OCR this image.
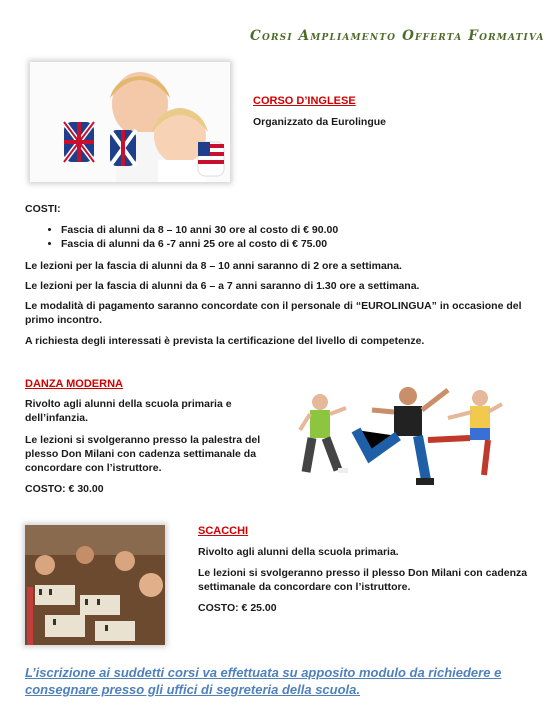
Corsi Ampliamento Offerta Formativa
CORSO D’INGLESE
Organizzato da Eurolingue
COSTI:
• Fascia di alunni da 8 – 10 anni 30 ore al costo di € 90.00
• Fascia di alunni da 6 -7 anni 25 ore al costo di € 75.00
Le lezioni per la fascia di alunni da 8 – 10 anni saranno di 2 ore a settimana.
Le lezioni per la fascia di alunni da 6 – a 7 anni saranno di 1.30 ore a settimana.
Le modalità di pagamento saranno concordate con il personale di “EUROLINGUA” in occasione del primo incontro.
A richiesta degli interessati è prevista la certificazione del livello di competenze.
DANZA MODERNA
Rivolto agli alunni della scuola primaria e dell’infanzia.
Le lezioni si svolgeranno presso la palestra del plesso Don Milani con cadenza settimanale da concordare con l’istruttore.
COSTO: € 30.00
SCACCHI
Rivolto agli alunni della scuola primaria.
Le lezioni si svolgeranno presso il plesso Don Milani con cadenza settimanale da concordare con l’istruttore.
COSTO: € 25.00
L’iscrizione ai suddetti corsi va effettuata su apposito modulo da richiedere e consegnare presso gli uffici di segreteria della scuola.
